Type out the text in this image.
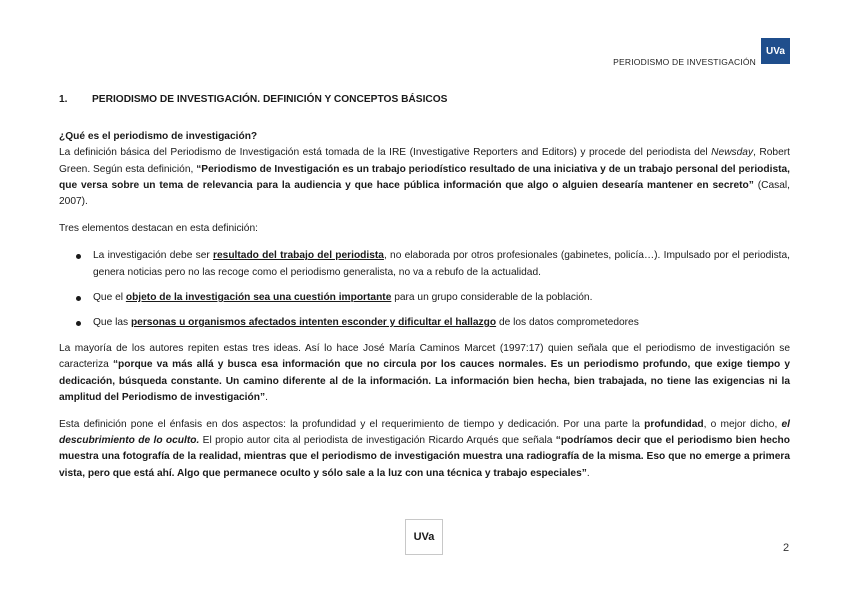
PERIODISMO DE INVESTIGACIÓN
UVa
1.	PERIODISMO DE INVESTIGACIÓN. DEFINICIÓN Y CONCEPTOS BÁSICOS

¿Qué es el periodismo de investigación?

La definición básica del Periodismo de Investigación está tomada de la IRE (Investigative Reporters and Editors) y procede del periodista del Newsday, Robert Green. Según esta definición, “Periodismo de Investigación es un trabajo periodístico resultado de una iniciativa y de un trabajo personal del periodista, que versa sobre un tema de relevancia para la audiencia y que hace pública información que algo o alguien desearía mantener en secreto” (Casal, 2007).

Tres elementos destacan en esta definición:

La investigación debe ser resultado del trabajo del periodista, no elaborada por otros profesionales (gabinetes, policía…). Impulsado por el periodista, genera noticias pero no las recoge como el periodismo generalista, no va a rebufo de la actualidad.
Que el objeto de la investigación sea una cuestión importante para un grupo considerable de la población.
Que las personas u organismos afectados intenten esconder y dificultar el hallazgo de los datos comprometedores

La mayoría de los autores repiten estas tres ideas. Así lo hace José María Caminos Marcet (1997:17) quien señala que el periodismo de investigación se caracteriza “porque va más allá y busca esa información que no circula por los cauces normales. Es un periodismo profundo, que exige tiempo y dedicación, búsqueda constante. Un camino diferente al de la información. La información bien hecha, bien trabajada, no tiene las exigencias ni la amplitud del Periodismo de investigación”.

Esta definición pone el énfasis en dos aspectos: la profundidad y el requerimiento de tiempo y dedicación. Por una parte la profundidad, o mejor dicho, el descubrimiento de lo oculto. El propio autor cita al periodista de investigación Ricardo Arqués que señala “podríamos decir que el periodismo bien hecho muestra una fotografía de la realidad, mientras que el periodismo de investigación muestra una radiografía de la misma. Eso que no emerge a primera vista, pero que está ahí. Algo que permanece oculto y sólo sale a la luz con una técnica y trabajo especiales”.

UVa
2
